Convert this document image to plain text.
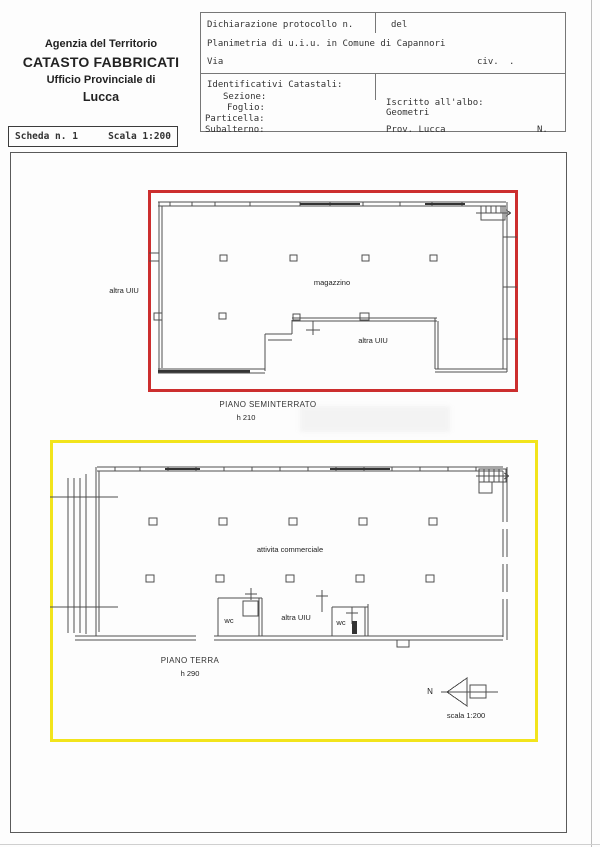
Agenzia del Territorio
CATASTO FABBRICATI
Ufficio Provinciale di
Lucca
Scheda n. 1	Scala 1:200
Dichiarazione protocollo n.	del
Planimetria di u.i.u. in Comune di Capannori
Via	civ. .
Identificativi Catastali:
Sezione:
Foglio:
Particella:
Subalterno:
Iscritto all'albo:
Geometri
Prov. Lucca	N.
altra UIU
magazzino
altra UIU
PIANO SEMINTERRATO
h 210
attivita commerciale
wc	altra UIU
wc
PIANO TERRA
h 290
N
scala 1:200
